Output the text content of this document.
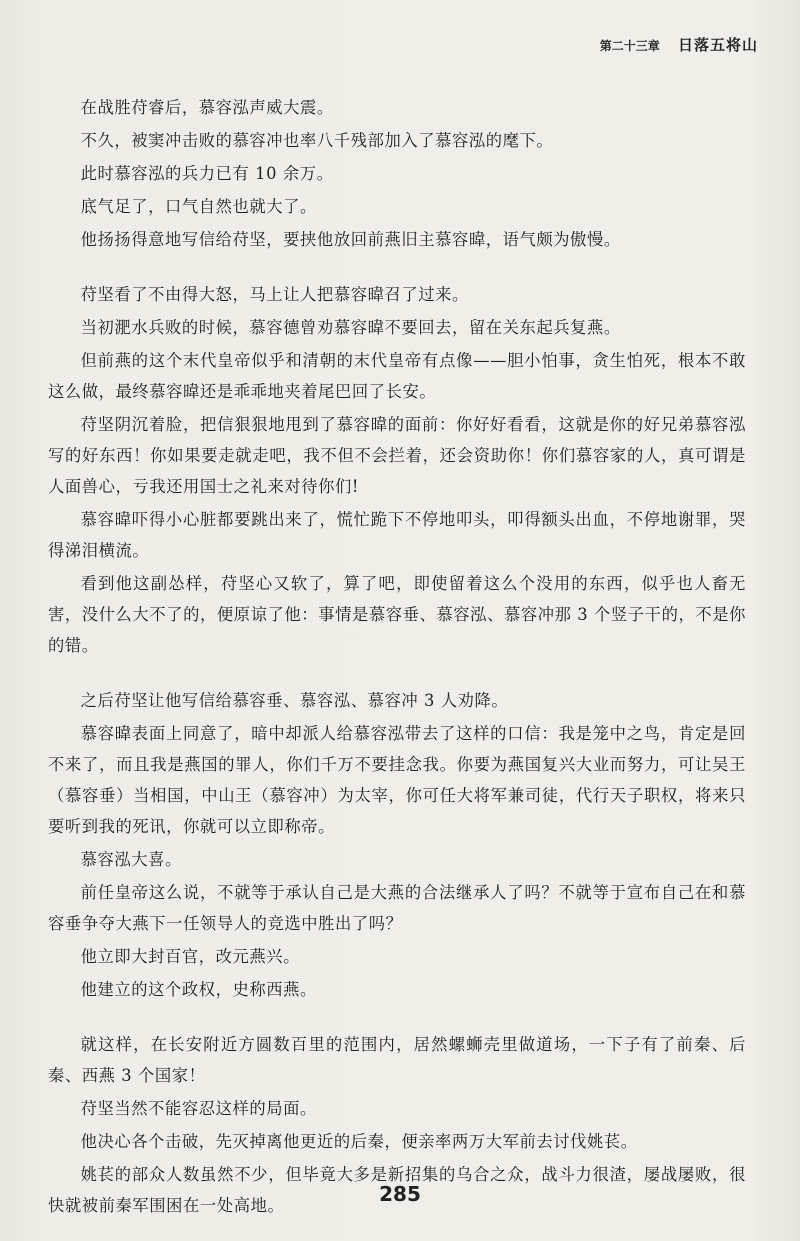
第二十三章 日落五将山

在战胜苻睿后，慕容泓声威大震。

不久，被窦冲击败的慕容冲也率八千残部加入了慕容泓的麾下。

此时慕容泓的兵力已有 10 余万。

底气足了，口气自然也就大了。

他扬扬得意地写信给苻坚，要挟他放回前燕旧主慕容暐，语气颇为傲慢。

苻坚看了不由得大怒，马上让人把慕容暐召了过来。

当初淝水兵败的时候，慕容德曾劝慕容暐不要回去，留在关东起兵复燕。

但前燕的这个末代皇帝似乎和清朝的末代皇帝有点像——胆小怕事，贪生怕死，根本不敢这么做，最终慕容暐还是乖乖地夹着尾巴回了长安。

苻坚阴沉着脸，把信狠狠地甩到了慕容暐的面前：你好好看看，这就是你的好兄弟慕容泓写的好东西！你如果要走就走吧，我不但不会拦着，还会资助你！你们慕容家的人，真可谓是人面兽心，亏我还用国士之礼来对待你们!

慕容暐吓得小心脏都要跳出来了，慌忙跪下不停地叩头，叩得额头出血，不停地谢罪，哭得涕泪横流。

看到他这副怂样，苻坚心又软了，算了吧，即使留着这么个没用的东西，似乎也人畜无害，没什么大不了的，便原谅了他：事情是慕容垂、慕容泓、慕容冲那 3 个竖子干的，不是你的错。

之后苻坚让他写信给慕容垂、慕容泓、慕容冲 3 人劝降。

慕容暐表面上同意了，暗中却派人给慕容泓带去了这样的口信：我是笼中之鸟，肯定是回不来了，而且我是燕国的罪人，你们千万不要挂念我。你要为燕国复兴大业而努力，可让吴王（慕容垂）当相国，中山王（慕容冲）为太宰，你可任大将军兼司徒，代行天子职权，将来只要听到我的死讯，你就可以立即称帝。

慕容泓大喜。

前任皇帝这么说，不就等于承认自己是大燕的合法继承人了吗？不就等于宣布自己在和慕容垂争夺大燕下一任领导人的竞选中胜出了吗？

他立即大封百官，改元燕兴。

他建立的这个政权，史称西燕。

就这样，在长安附近方圆数百里的范围内，居然螺蛳壳里做道场，一下子有了前秦、后秦、西燕 3 个国家！

苻坚当然不能容忍这样的局面。

他决心各个击破，先灭掉离他更近的后秦，便亲率两万大军前去讨伐姚苌。

姚苌的部众人数虽然不少，但毕竟大多是新招集的乌合之众，战斗力很渣，屡战屡败，很快就被前秦军围困在一处高地。	285
